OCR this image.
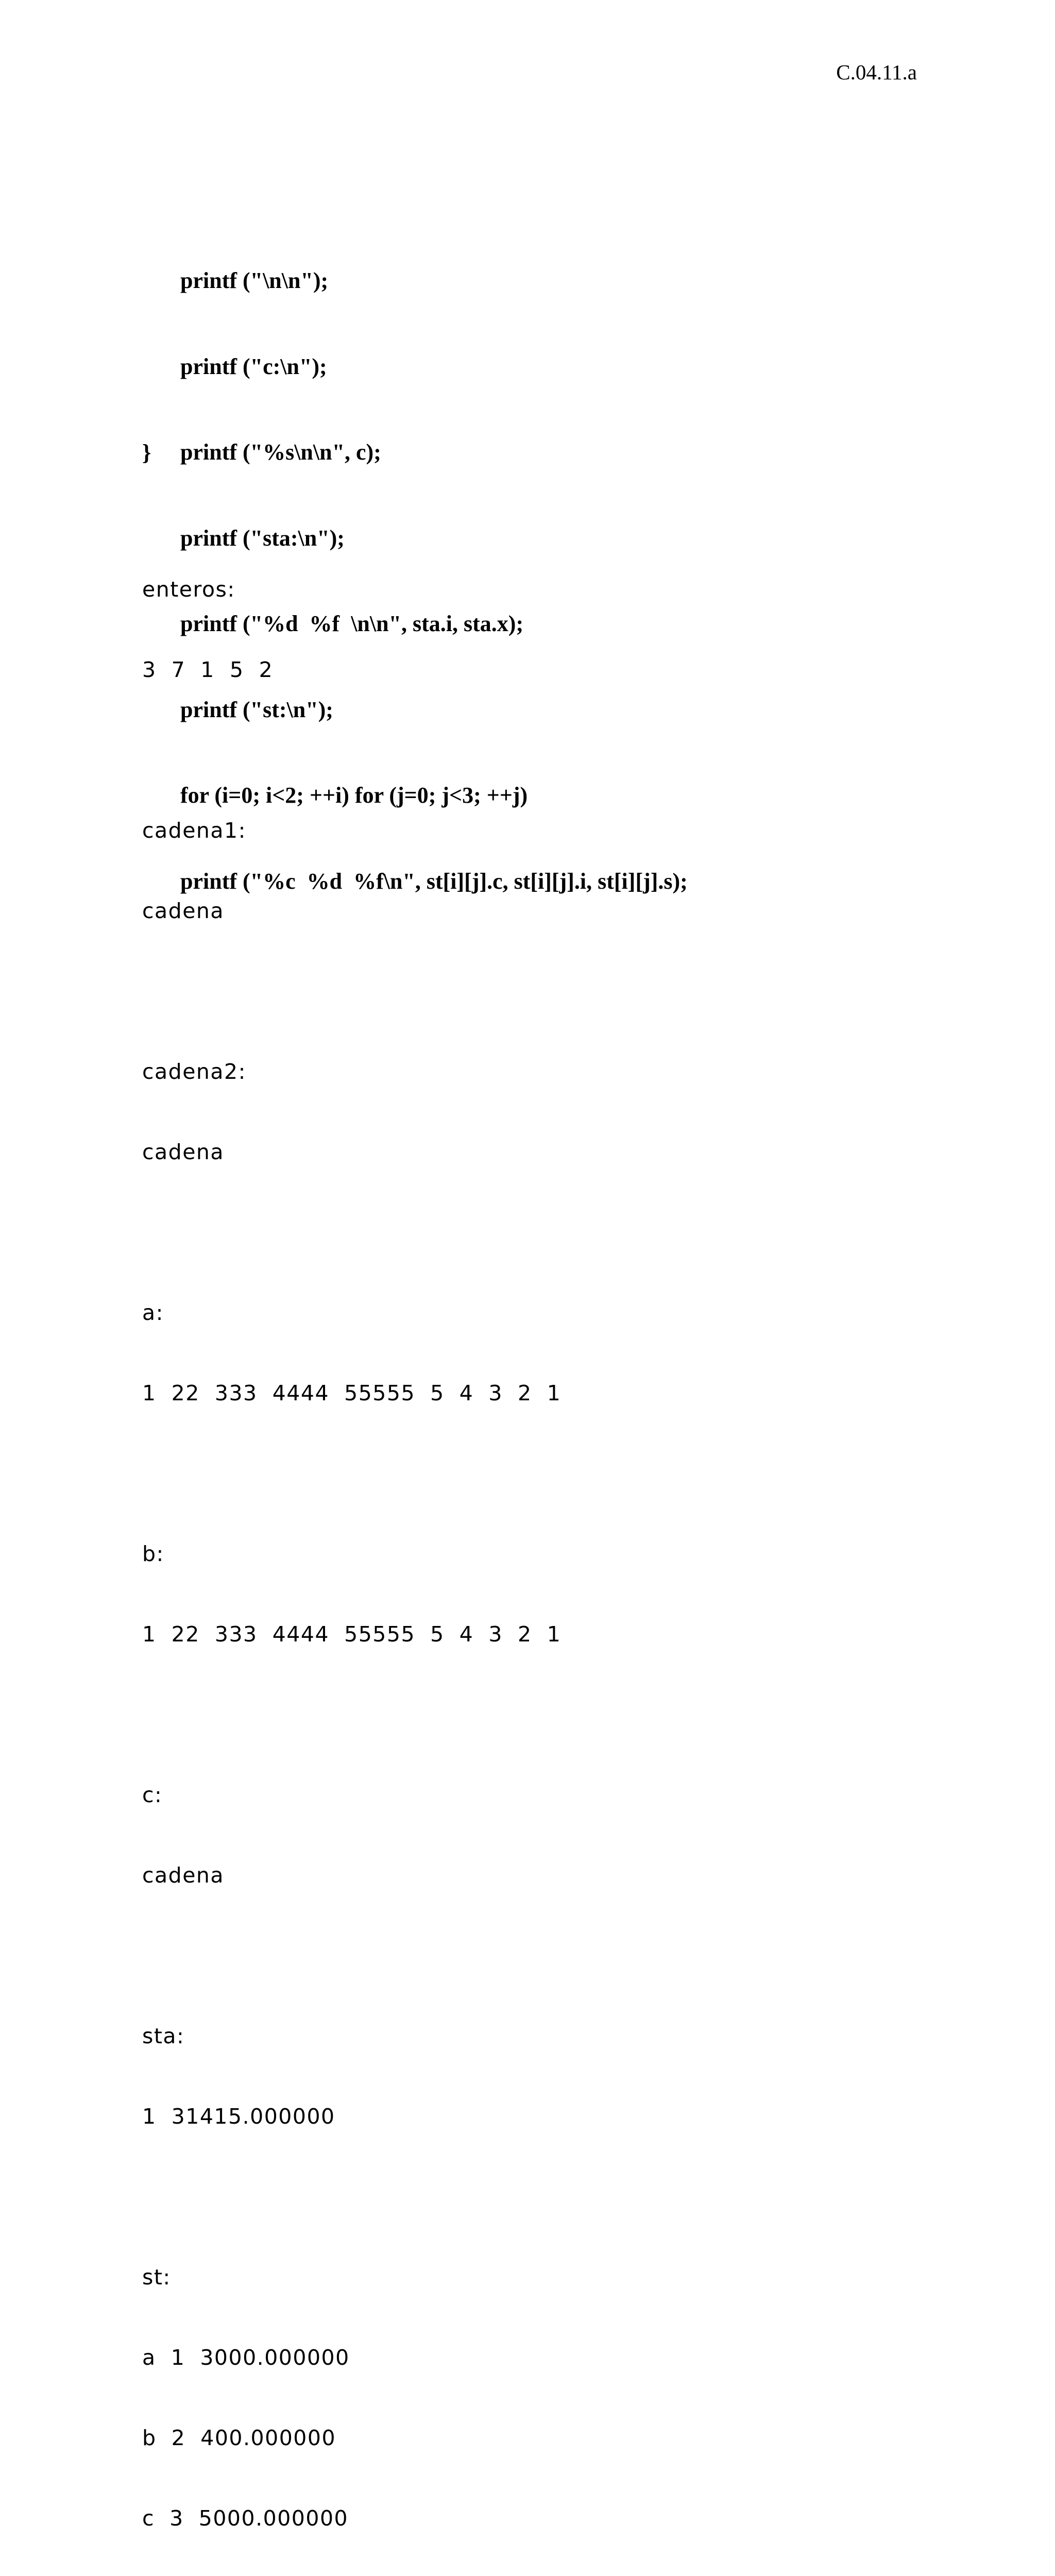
C.04.11.a

printf ("\n\n");

printf ("c:\n");

printf ("%s\n\n", c);

printf ("sta:\n");

printf ("%d  %f  \n\n", sta.i, sta.x);

printf ("st:\n");

for (i=0; i<2; ++i) for (j=0; j<3; ++j)

printf ("%c  %d  %f\n", st[i][j].c, st[i][j].i, st[i][j].s);

}

enteros:

3  7  1  5  2

cadena1:

cadena

cadena2:

cadena

a:

1  22  333  4444  55555  5  4  3  2  1

b:

1  22  333  4444  55555  5  4  3  2  1

c:

cadena

sta:

1  31415.000000

st:

a  1  3000.000000

b  2  400.000000

c  3  5000.000000
